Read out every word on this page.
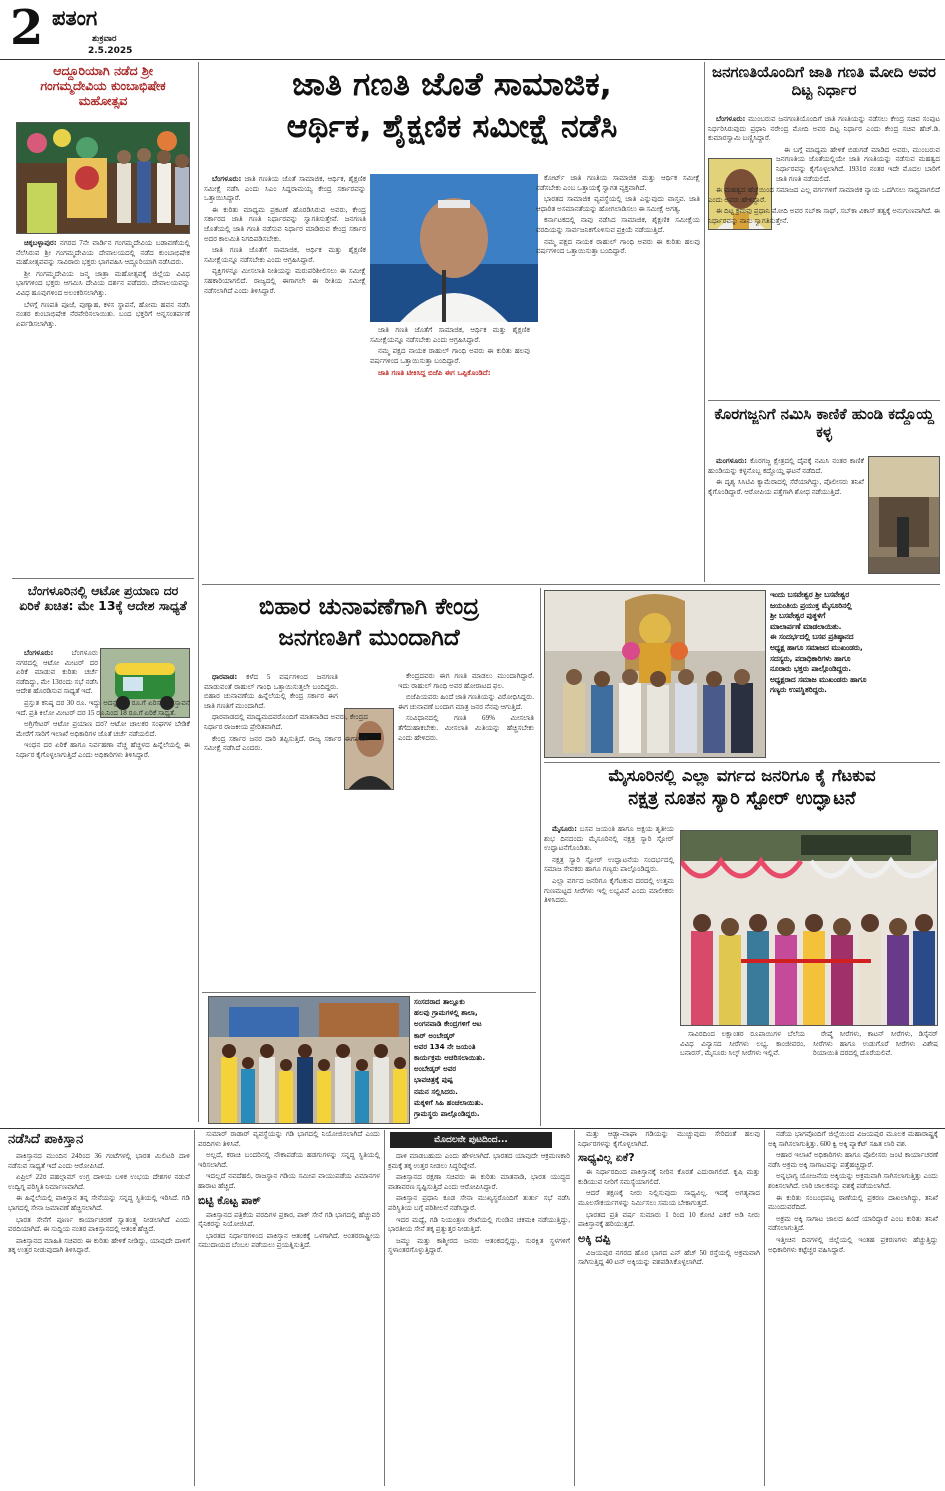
2 ಪತಂಗ
ಶುಕ್ರವಾರ
2.5.2025
ಆದ್ದೂರಿಯಾಗಿ ನಡೆದ ಶ್ರೀ ಗಂಗಮ್ಮದೇವಿಯ ಕುಂಬಾಭಿಷೇಕ ಮಹೋತ್ಸವ

ಚಿಕ್ಕಬಳ್ಳಾಪುರ: ನಗರದ 7ನೇ ವಾರ್ಡಿನ ಗಂಗಮ್ಮದೇವಿಯ ಬಡಾವಣೆಯಲ್ಲಿ ನೆಲೆಸಿರುವ ಶ್ರೀ ಗಂಗಮ್ಮದೇವಿಯ ದೇವಾಲಯದಲ್ಲಿ ನಡೆದ ಕುಂಬಾಭಿಷೇಕ ಮಹೋತ್ಸವವನ್ನು ಸಾವಿರಾರು ಭಕ್ತರು ಭಾಗವಹಿಸಿ ಆದ್ದೂರಿಯಾಗಿ ನಡೆಸಿದರು.

ಶ್ರೀ ಗಂಗಮ್ಮದೇವಿಯ ಜನ್ಮ ಜಾತ್ರಾ ಮಹೋತ್ಸವಕ್ಕೆ ಜಿಲ್ಲೆಯ ವಿವಿಧ ಭಾಗಗಳಿಂದ ಭಕ್ತರು ಆಗಮಿಸಿ ದೇವಿಯ ದರ್ಶನ ಪಡೆದರು. ದೇವಾಲಯವನ್ನು ವಿವಿಧ ಹೂವುಗಳಿಂದ ಅಲಂಕರಿಸಲಾಗಿತ್ತು.

ಬೆಳಗ್ಗೆ ಗಣಪತಿ ಪೂಜೆ, ಪುಣ್ಯಾಹ, ಕಳಸ ಸ್ಥಾಪನೆ, ಹೋಮ ಹವನ ನಡೆಸಿ ನಂತರ ಕುಂಬಾಭಿಷೇಕ ನೆರವೇರಿಸಲಾಯಿತು. ಬಂದ ಭಕ್ತರಿಗೆ ಅನ್ನಸಂತರ್ಪಣೆ ಏರ್ಪಡಿಸಲಾಗಿತ್ತು.

ಬೆಂಗಳೂರಿನಲ್ಲಿ ಆಟೋ ಪ್ರಯಾಣ ದರ ಏರಿಕೆ ಖಚಿತ: ಮೇ 13ಕ್ಕೆ ಆದೇಶ ಸಾಧ್ಯತೆ

ಬೆಂಗಳೂರು:	ಬೆಂಗಳೂರು ನಗರದಲ್ಲಿ ಆಟೋ ಮೀಟರ್ ದರ ಏರಿಕೆ ಮಾಡುವ ಕುರಿತು ಚರ್ಚೆ ನಡೆದಿದ್ದು, ಮೇ 13ರಂದು ಸಭೆ ನಡೆಸಿ ಆದೇಶ ಹೊರಡಿಸುವ ಸಾಧ್ಯತೆ ಇದೆ.

ಪ್ರಸ್ತುತ ಕನಿಷ್ಠ ದರ 30 ರೂ. ಇದ್ದು ಅದನ್ನು 36 ರೂ.ಗೆ ಏರಿಸುವ ಪ್ರಸ್ತಾವನೆ ಇದೆ. ಪ್ರತಿ ಕಿಲೋ ಮೀಟರ್ ದರ 15 ರೂ.ನಿಂದ 18 ರೂ.ಗೆ ಏರಿಕೆ ಸಾಧ್ಯತೆ.

ಅಗ್ರಿಗೇಟರ್ ಆಟೋ ಪ್ರಯಾಣ ದರ? ಆಟೋ ಚಾಲಕರ ಸಂಘಗಳ ಬೇಡಿಕೆ ಮೇರೆಗೆ ಸಾರಿಗೆ ಇಲಾಖೆ ಅಧಿಕಾರಿಗಳ ಜೊತೆ ಚರ್ಚೆ ನಡೆಯಲಿದೆ.

ಇಂಧನ ದರ ಏರಿಕೆ ಹಾಗೂ ನಿರ್ವಹಣಾ ವೆಚ್ಚ ಹೆಚ್ಚಳದ ಹಿನ್ನೆಲೆಯಲ್ಲಿ ಈ ನಿರ್ಧಾರ ಕೈಗೊಳ್ಳಲಾಗುತ್ತಿದೆ ಎಂದು ಅಧಿಕಾರಿಗಳು ತಿಳಿಸಿದ್ದಾರೆ.

ಜಾತಿ ಗಣತಿ ಜೊತೆ ಸಾಮಾಜಿಕ,
ಆರ್ಥಿಕ, ಶೈಕ್ಷಣಿಕ ಸಮೀಕ್ಷೆ ನಡೆಸಿ

ಬೆಂಗಳೂರು: ಜಾತಿ ಗಣತಿಯ ಜೊತೆ ಸಾಮಾಜಿಕ, ಆರ್ಥಿಕ, ಶೈಕ್ಷಣಿಕ ಸಮೀಕ್ಷೆ ನಡೆಸಿ ಎಂದು ಸಿಎಂ ಸಿದ್ದರಾಮಯ್ಯ ಕೇಂದ್ರ ಸರ್ಕಾರವನ್ನು ಒತ್ತಾಯಿಸಿದ್ದಾರೆ.

ಈ ಕುರಿತು ಮಾಧ್ಯಮ ಪ್ರಕಟಣೆ ಹೊರಡಿಸಿರುವ ಅವರು, ಕೇಂದ್ರ ಸರ್ಕಾರದ ಜಾತಿ ಗಣತಿ ನಿರ್ಧಾರವನ್ನು ಸ್ವಾಗತಿಸುತ್ತೇವೆ. ಜನಗಣತಿ ಜೊತೆಯಲ್ಲಿ ಜಾತಿ ಗಣತಿ ನಡೆಸುವ ನಿರ್ಧಾರ ಮಾಡಿರುವ ಕೇಂದ್ರ ಸರ್ಕಾರ ಅದರ ಕಾಲಮಿತಿ ನಿಗದಿಪಡಿಸಬೇಕು.

ಜಾತಿ ಗಣತಿ ಜೊತೆಗೆ ಸಾಮಾಜಿಕ, ಆರ್ಥಿಕ ಮತ್ತು ಶೈಕ್ಷಣಿಕ ಸಮೀಕ್ಷೆಯನ್ನೂ ನಡೆಸಬೇಕು ಎಂದು ಆಗ್ರಹಿಸಿದ್ದಾರೆ.

ವ್ಯಕ್ತಿಗಳನ್ನೂ ಮೀಸಲಾತಿ ನೀತಿಯನ್ನು ಮರುಪರಿಶೀಲಿಸಲು ಈ ಸಮೀಕ್ಷೆ ಸಹಕಾರಿಯಾಗಲಿದೆ. ರಾಜ್ಯದಲ್ಲಿ ಈಗಾಗಲೇ ಈ ರೀತಿಯ ಸಮೀಕ್ಷೆ ನಡೆಸಲಾಗಿದೆ ಎಂದು ತಿಳಿಸಿದ್ದಾರೆ.

ಜಾತಿ ಗಣತಿ ಜೊತೆಗೆ ಸಾಮಾಜಿಕ, ಆರ್ಥಿಕ ಮತ್ತು ಶೈಕ್ಷಣಿಕ ಸಮೀಕ್ಷೆಯನ್ನೂ ನಡೆಸಬೇಕು ಎಂದು ಆಗ್ರಹಿಸಿದ್ದಾರೆ.

ನಮ್ಮ ಪಕ್ಷದ ನಾಯಕ ರಾಹುಲ್ ಗಾಂಧಿ ಅವರು ಈ ಕುರಿತು ಹಲವು ವರ್ಷಗಳಿಂದ ಒತ್ತಾಯಿಸುತ್ತಾ ಬಂದಿದ್ದಾರೆ.

ಜಾತಿ ಗಣತಿ ಟೀಕಿಸಿದ್ದ ಬಿಜೆಪಿ ಈಗ ಒಪ್ಪಿಕೊಂಡಿದೆ:

ಕೋರ್ಟ್ ಜಾತಿ ಗಣತಿಯ ಸಾಮಾಜಿಕ ಮತ್ತು ಆರ್ಥಿಕ ಸಮೀಕ್ಷೆ ನಡೆಸಬೇಕು ಎಂಬ ಒತ್ತಾಯಕ್ಕೆ ಸ್ವಾಗತ ವ್ಯಕ್ತವಾಗಿದೆ.

ಭಾರತದ ಸಾಮಾಜಿಕ ವ್ಯವಸ್ಥೆಯಲ್ಲಿ ಜಾತಿ ಎನ್ನುವುದು ವಾಸ್ತವ. ಜಾತಿ ಆಧಾರಿತ ಅಸಮಾನತೆಯನ್ನು ಹೋಗಲಾಡಿಸಲು ಈ ಸಮೀಕ್ಷೆ ಅಗತ್ಯ.

ಕರ್ನಾಟಕದಲ್ಲಿ ನಾವು ನಡೆಸಿದ ಸಾಮಾಜಿಕ, ಶೈಕ್ಷಣಿಕ ಸಮೀಕ್ಷೆಯ ವರದಿಯನ್ನು ಸಾರ್ವಜನಿಕಗೊಳಿಸುವ ಪ್ರಕ್ರಿಯೆ ನಡೆಯುತ್ತಿದೆ.

ನಮ್ಮ ಪಕ್ಷದ ನಾಯಕ ರಾಹುಲ್ ಗಾಂಧಿ ಅವರು ಈ ಕುರಿತು ಹಲವು ವರ್ಷಗಳಿಂದ ಒತ್ತಾಯಿಸುತ್ತಾ ಬಂದಿದ್ದಾರೆ.

ಜನಗಣತಿಯೊಂದಿಗೆ ಜಾತಿ ಗಣತಿ ಮೋದಿ ಅವರ ದಿಟ್ಟ ನಿರ್ಧಾರ

ಬೆಂಗಳೂರು: ಮುಂಬರುವ ಜನಗಣತಿಯೊಂದಿಗೆ ಜಾತಿ ಗಣತಿಯನ್ನು ನಡೆಸಲು ಕೇಂದ್ರ ಸಚಿವ ಸಂಪುಟ ನಿರ್ಧರಿಸಿರುವುದು ಪ್ರಧಾನಿ ನರೇಂದ್ರ ಮೋದಿ ಅವರ ದಿಟ್ಟ ನಿರ್ಧಾರ ಎಂದು ಕೇಂದ್ರ ಸಚಿವ ಹೆಚ್.ಡಿ. ಕುಮಾರಸ್ವಾಮಿ ಬಣ್ಣಿಸಿದ್ದಾರೆ.

ಈ ಬಗ್ಗೆ ಮಾಧ್ಯಮ ಹೇಳಿಕೆ ಬಿಡುಗಡೆ ಮಾಡಿದ ಅವರು, ಮುಂಬರುವ ಜನಗಣತಿಯ ಜೊತೆಯಲ್ಲಿಯೇ ಜಾತಿ ಗಣತಿಯನ್ನು ನಡೆಸುವ ಮಹತ್ವದ ನಿರ್ಧಾರವನ್ನು ಕೈಗೊಳ್ಳಲಾಗಿದೆ. 1931ರ ನಂತರ ಇದೇ ಮೊದಲ ಬಾರಿಗೆ ಜಾತಿ ಗಣತಿ ನಡೆಯಲಿದೆ.

ಈ ಮಹತ್ವದ ಹೆಜ್ಜೆಯಿಂದ ಸಮಾಜದ ಎಲ್ಲ ವರ್ಗಗಳಿಗೆ ಸಾಮಾಜಿಕ ನ್ಯಾಯ ಒದಗಿಸಲು ಸಾಧ್ಯವಾಗಲಿದೆ ಎಂದು ಅವರು ಹೇಳಿದ್ದಾರೆ.

ಈ ದಿಟ್ಟ ಕ್ರಮವು ಪ್ರಧಾನಿ ಮೋದಿ ಅವರ ಸಬ್‌ಕಾ ಸಾಥ್, ಸಬ್‌ಕಾ ವಿಕಾಸ್ ತತ್ವಕ್ಕೆ ಅನುಗುಣವಾಗಿದೆ. ಈ ನಿರ್ಧಾರವನ್ನು ನಾನು ಸ್ವಾಗತಿಸುತ್ತೇನೆ.

ಕೊರಗಜ್ಜನಿಗೆ ನಮಿಸಿ ಕಾಣಿಕೆ ಹುಂಡಿ ಕದ್ದೊಯ್ದ ಕಳ್ಳ

ಮಂಗಳೂರು: ಕೊರಗಜ್ಜ ಕ್ಷೇತ್ರದಲ್ಲಿ ದೈವಕ್ಕೆ ನಮಿಸಿ ನಂತರ ಕಾಣಿಕೆ ಹುಂಡಿಯನ್ನು ಕಳ್ಳನೊಬ್ಬ ಕದ್ದೊಯ್ದ ಘಟನೆ ನಡೆದಿದೆ.

ಈ ದೃಶ್ಯ ಸಿಸಿಟಿವಿ ಕ್ಯಾಮೆರಾದಲ್ಲಿ ಸೆರೆಯಾಗಿದ್ದು, ಪೊಲೀಸರು ತನಿಖೆ ಕೈಗೊಂಡಿದ್ದಾರೆ. ಆರೋಪಿಯ ಪತ್ತೆಗಾಗಿ ಶೋಧ ನಡೆಯುತ್ತಿದೆ.

ಬಿಹಾರ ಚುನಾವಣೆಗಾಗಿ ಕೇಂದ್ರ
ಜನಗಣತಿಗೆ ಮುಂದಾಗಿದೆ

ಧಾರವಾಡ: ಕಳೆದ 5 ವರ್ಷಗಳಿಂದ ಜನಗಣತಿ ಮಾಡುವಂತೆ ರಾಹುಲ್ ಗಾಂಧಿ ಒತ್ತಾಯಿಸುತ್ತಲೇ ಬಂದಿದ್ದರು. ಬಿಹಾರ ಚುನಾವಣೆಯ ಹಿನ್ನೆಲೆಯಲ್ಲಿ ಕೇಂದ್ರ ಸರ್ಕಾರ ಈಗ ಜಾತಿ ಗಣತಿಗೆ ಮುಂದಾಗಿದೆ.

ಧಾರವಾಡದಲ್ಲಿ ಮಾಧ್ಯಮದವರೊಂದಿಗೆ ಮಾತನಾಡಿದ ಅವರು, ಕೇಂದ್ರದ ನಿರ್ಧಾರ ರಾಜಕೀಯ ಪ್ರೇರಿತವಾಗಿದೆ.

ಕೇಂದ್ರ ಸರ್ಕಾರ ಜನರ ದಾರಿ ತಪ್ಪಿಸುತ್ತಿದೆ. ರಾಜ್ಯ ಸರ್ಕಾರ ಈಗಾಗಲೇ ಸಮೀಕ್ಷೆ ನಡೆಸಿದೆ ಎಂದರು.

ಕೇಂದ್ರದವರು ಈಗ ಗಣತಿ ಮಾಡಲು ಮುಂದಾಗಿದ್ದಾರೆ. ಇದು ರಾಹುಲ್ ಗಾಂಧಿ ಅವರ ಹೋರಾಟದ ಫಲ.

ಬಿಜೆಪಿಯವರು ಹಿಂದೆ ಜಾತಿ ಗಣತಿಯನ್ನು ವಿರೋಧಿಸಿದ್ದರು. ಈಗ ಚುನಾವಣೆ ಬಂದಾಗ ಮಾತ್ರ ಜನರ ನೆನಪು ಆಗುತ್ತಿದೆ.

ಸಂವಿಧಾನದಲ್ಲಿ ಗಣತಿ 69% ಮೀಸಲಾತಿ ತೆಗೆದುಹಾಕಬೇಕು. ಮೀಸಲಾತಿ ಮಿತಿಯನ್ನು ಹೆಚ್ಚಿಸಬೇಕು ಎಂದು ಹೇಳಿದರು.

ಇಂದು ಬಸವೇಶ್ವರ ಶ್ರೀ ಬಸವೇಶ್ವರ
ಜಯಂತಿಯ ಪ್ರಯುಕ್ತ ಮೈಸೂರಿನಲ್ಲಿ
ಶ್ರೀ ಬಸವೇಶ್ವರ ಪುತ್ಥಳಿಗೆ
ಮಾಲಾರ್ಪಣೆ ಮಾಡಲಾಯಿತು.
ಈ ಸಂದರ್ಭದಲ್ಲಿ ಬಸವ ಪ್ರತಿಷ್ಠಾನದ
ಅಧ್ಯಕ್ಷ ಹಾಗೂ ಸಮಾಜದ ಮುಖಂಡರು,
ಸದಸ್ಯರು, ಪದಾಧಿಕಾರಿಗಳು ಹಾಗೂ
ನೂರಾರು ಭಕ್ತರು ಪಾಲ್ಗೊಂಡಿದ್ದರು.
ಅಧ್ಯಕ್ಷರಾದ ಸಮಾಜ ಮುಖಂಡರು ಹಾಗೂ
ಗಣ್ಯರು ಉಪಸ್ಥಿತರಿದ್ದರು.
ಮೈಸೂರಿನಲ್ಲಿ ಎಲ್ಲಾ ವರ್ಗದ ಜನರಿಗೂ ಕೈ ಗೆಟಕುವ
ನಕ್ಷತ್ರ ನೂತನ ಸ್ಯಾರಿ ಸ್ಟೋರ್ ಉದ್ಘಾಟನೆ

ಮೈಸೂರು: ಬಸವ ಜಯಂತಿ ಹಾಗೂ ಅಕ್ಷಯ ತೃತೀಯ ಶುಭ ದಿನದಂದು ಮೈಸೂರಿನಲ್ಲಿ ನಕ್ಷತ್ರ ಸ್ಯಾರಿ ಸ್ಟೋರ್ ಉದ್ಘಾಟನೆಗೊಂಡಿತು.

ನಕ್ಷತ್ರ ಸ್ಯಾರಿ ಸ್ಟೋರ್ ಉದ್ಘಾಟನೆಯ ಸಂದರ್ಭದಲ್ಲಿ ಸಮಾಜ ಸೇವಕರು ಹಾಗೂ ಗಣ್ಯರು ಪಾಲ್ಗೊಂಡಿದ್ದರು.

ಎಲ್ಲಾ ವರ್ಗದ ಜನರಿಗೂ ಕೈಗೆಟಕುವ ದರದಲ್ಲಿ ಉತ್ತಮ ಗುಣಮಟ್ಟದ ಸೀರೆಗಳು ಇಲ್ಲಿ ಲಭ್ಯವಿವೆ ಎಂದು ಮಾಲೀಕರು ತಿಳಿಸಿದರು.

ಸಾವಿರದಿಂದ ಲಕ್ಷಾಂತರ ರೂಪಾಯಿಗಳ ಬೆಲೆಯ ವಿವಿಧ ವಿನ್ಯಾಸದ ಸೀರೆಗಳು ಲಭ್ಯ. ಕಾಂಜೀವರಂ, ಬನಾರಸ್, ಮೈಸೂರು ಸಿಲ್ಕ್ ಸೀರೆಗಳು ಇಲ್ಲಿವೆ.

ರೇಷ್ಮೆ ಸೀರೆಗಳು, ಕಾಟನ್ ಸೀರೆಗಳು, ಡಿಸೈನರ್ ಸೀರೆಗಳು ಹಾಗೂ ಉಡುಗೊರೆ ಸೀರೆಗಳು ವಿಶೇಷ ರಿಯಾಯಿತಿ ದರದಲ್ಲಿ ದೊರೆಯಲಿವೆ.

ಸಂಸದರಾದ ತಾಲ್ಲೂಕು
ಹಲವು ಗ್ರಾಮಗಳಲ್ಲಿ ಶಾಲಾ,
ಅಂಗನವಾಡಿ ಕೇಂದ್ರಗಳಿಗೆ ಆಟ
ಕಾರ್ ಅಂಬೇಡ್ಕರ್
ಅವರ 134 ನೇ ಜಯಂತಿ
ಕಾರ್ಯಕ್ರಮ ಆಚರಿಸಲಾಯಿತು.
ಅಂಬೇಡ್ಕರ್ ಅವರ
ಭಾವಚಿತ್ರಕ್ಕೆ ಪುಷ್ಪ
ನಮನ ಸಲ್ಲಿಸಿದರು.
ಮಕ್ಕಳಿಗೆ ಸಿಹಿ ಹಂಚಲಾಯಿತು.
ಗ್ರಾಮಸ್ಥರು ಪಾಲ್ಗೊಂಡಿದ್ದರು.
ನಡೆಸಿದೆ ಪಾಕಿಸ್ತಾನ	ಮೊದಲನೇ ಪುಟದಿಂದ...

ಪಾಕಿಸ್ತಾನದ ಮುಂದಿನ 24ರಿಂದ 36 ಗಂಟೆಗಳಲ್ಲಿ ಭಾರತ ಮಿಲಿಟರಿ ದಾಳಿ ನಡೆಸುವ ಸಾಧ್ಯತೆ ಇದೆ ಎಂದು ಆರೋಪಿಸಿದೆ.

ಏಪ್ರಿಲ್ 22ರ ಪಹಲ್ಗಾಮ್ ಉಗ್ರ ದಾಳಿಯ ಬಳಿಕ ಉಭಯ ದೇಶಗಳ ನಡುವೆ ಉದ್ವಿಗ್ನ ಪರಿಸ್ಥಿತಿ ನಿರ್ಮಾಣವಾಗಿದೆ.

ಈ ಹಿನ್ನೆಲೆಯಲ್ಲಿ ಪಾಕಿಸ್ತಾನ ತನ್ನ ಸೇನೆಯನ್ನು ಸನ್ನದ್ಧ ಸ್ಥಿತಿಯಲ್ಲಿ ಇರಿಸಿದೆ. ಗಡಿ ಭಾಗದಲ್ಲಿ ಸೇನಾ ಜಮಾವಣೆ ಹೆಚ್ಚಿಸಲಾಗಿದೆ.

ಭಾರತ ಸೇನೆಗೆ ಪೂರ್ಣ ಕಾರ್ಯಾಚರಣೆ ಸ್ವಾತಂತ್ರ್ಯ ನೀಡಲಾಗಿದೆ ಎಂದು ವರದಿಯಾಗಿದೆ. ಈ ಸುದ್ದಿಯ ನಂತರ ಪಾಕಿಸ್ತಾನದಲ್ಲಿ ಆತಂಕ ಹೆಚ್ಚಿದೆ.

ಪಾಕಿಸ್ತಾನದ ಮಾಹಿತಿ ಸಚಿವರು ಈ ಕುರಿತು ಹೇಳಿಕೆ ನೀಡಿದ್ದು, ಯಾವುದೇ ದಾಳಿಗೆ ತಕ್ಕ ಉತ್ತರ ನೀಡುವುದಾಗಿ ತಿಳಿಸಿದ್ದಾರೆ.

ಸುಮಾರ್ ರಾಡಾರ್ ವ್ಯವಸ್ಥೆಯನ್ನು ಗಡಿ ಭಾಗದಲ್ಲಿ ನಿಯೋಜಿಸಲಾಗಿದೆ ಎಂದು ವರದಿಗಳು ತಿಳಿಸಿವೆ.

ಅಲ್ಲದೆ, ಕರಾಚಿ ಬಂದರಿನಲ್ಲಿ ನೌಕಾಪಡೆಯ ಹಡಗುಗಳನ್ನು ಸನ್ನದ್ಧ ಸ್ಥಿತಿಯಲ್ಲಿ ಇರಿಸಲಾಗಿದೆ.

ಇದಲ್ಲದೆ ನವದೆಹಲಿ, ರಾಜಸ್ಥಾನ ಗಡಿಯ ಸಮೀಪ ವಾಯುಪಡೆಯ ವಿಮಾನಗಳ ಹಾರಾಟ ಹೆಚ್ಚಿದೆ.

ಬಿಟ್ಟಿ ಕೊಟ್ಟ ಪಾಕ್

ಪಾಕಿಸ್ತಾನದ ಪತ್ರಿಕೆಯ ವರದಿಗಳ ಪ್ರಕಾರ, ಪಾಕ್ ಸೇನೆ ಗಡಿ ಭಾಗದಲ್ಲಿ ಹೆಚ್ಚುವರಿ ಸೈನಿಕರನ್ನು ನಿಯೋಜಿಸಿದೆ.

ಭಾರತದ ನಿರ್ಧಾರಗಳಿಂದ ಪಾಕಿಸ್ತಾನ ಆತಂಕಕ್ಕೆ ಒಳಗಾಗಿದೆ. ಅಂತರರಾಷ್ಟ್ರೀಯ ಸಮುದಾಯದ ಬೆಂಬಲ ಪಡೆಯಲು ಪ್ರಯತ್ನಿಸುತ್ತಿದೆ.

ದಾಳಿ ಮಾಡಬಹುದು ಎಂದು ಹೇಳಲಾಗಿದೆ. ಭಾರತದ ಯಾವುದೇ ಆಕ್ರಮಣಕಾರಿ ಕ್ರಮಕ್ಕೆ ತಕ್ಕ ಉತ್ತರ ನೀಡಲು ಸಿದ್ಧರಿದ್ದೇವೆ.

ಪಾಕಿಸ್ತಾನದ ರಕ್ಷಣಾ ಸಚಿವರು ಈ ಕುರಿತು ಮಾತನಾಡಿ, ಭಾರತ ಯುದ್ಧದ ವಾತಾವರಣ ಸೃಷ್ಟಿಸುತ್ತಿದೆ ಎಂದು ಆರೋಪಿಸಿದ್ದಾರೆ.

ಪಾಕಿಸ್ತಾನ ಪ್ರಧಾನಿ ಕೂಡ ಸೇನಾ ಮುಖ್ಯಸ್ಥರೊಂದಿಗೆ ತುರ್ತು ಸಭೆ ನಡೆಸಿ ಪರಿಸ್ಥಿತಿಯ ಬಗ್ಗೆ ಪರಿಶೀಲನೆ ನಡೆಸಿದ್ದಾರೆ.

ಇದರ ಮಧ್ಯೆ, ಗಡಿ ನಿಯಂತ್ರಣ ರೇಖೆಯಲ್ಲಿ ಗುಂಡಿನ ಚಕಮಕಿ ನಡೆಯುತ್ತಿದ್ದು, ಭಾರತೀಯ ಸೇನೆ ತಕ್ಕ ಪ್ರತ್ಯುತ್ತರ ನೀಡುತ್ತಿದೆ.

ಜಮ್ಮು ಮತ್ತು ಕಾಶ್ಮೀರದ ಜನರು ಆತಂಕದಲ್ಲಿದ್ದು, ಸುರಕ್ಷಿತ ಸ್ಥಳಗಳಿಗೆ ಸ್ಥಳಾಂತರಗೊಳ್ಳುತ್ತಿದ್ದಾರೆ.

ಮತ್ತು ಆಡ್ಟಾ-ವಾಘಾ ಗಡಿಯನ್ನು ಮುಚ್ಚುವುದು ಸೇರಿದಂತೆ ಹಲವು ನಿರ್ಧಾರಗಳನ್ನು ಕೈಗೊಳ್ಳಲಾಗಿದೆ.

ಸಾಧ್ಯವಿಲ್ಲ ಏಕೆ?

ಈ ನಿರ್ಧಾರದಿಂದ ಪಾಕಿಸ್ತಾನಕ್ಕೆ ನೀರಿನ ಕೊರತೆ ಎದುರಾಗಲಿದೆ. ಕೃಷಿ ಮತ್ತು ಕುಡಿಯುವ ನೀರಿಗೆ ಸಮಸ್ಯೆಯಾಗಲಿದೆ.

ಆದರೆ ತಕ್ಷಣಕ್ಕೆ ನೀರು ನಿಲ್ಲಿಸುವುದು ಸಾಧ್ಯವಿಲ್ಲ. ಇದಕ್ಕೆ ಅಗತ್ಯವಾದ ಮೂಲಸೌಕರ್ಯಗಳನ್ನು ನಿರ್ಮಿಸಲು ಸಮಯ ಬೇಕಾಗುತ್ತದೆ.

ಭಾರತದ ಪ್ರತಿ ವರ್ಷ ಸುಮಾರು 1 ರಿಂದ 10 ಕೋಟಿ ಎಕರೆ ಅಡಿ ನೀರು ಪಾಕಿಸ್ತಾನಕ್ಕೆ ಹರಿಯುತ್ತದೆ.

ಅಕ್ಕಿ ದಪ್ಪಿ

ವಿಜಯಪುರ ನಗರದ ಹೊರ ಭಾಗದ ಎನ್ ಹೆಚ್ 50 ರಸ್ತೆಯಲ್ಲಿ ಅಕ್ರಮವಾಗಿ ಸಾಗಿಸುತ್ತಿದ್ದ 40 ಟನ್ ಅಕ್ಕಿಯನ್ನು ವಶಪಡಿಸಿಕೊಳ್ಳಲಾಗಿದೆ.

ನಡೆಯ ಭಾಗವೊಂದಿಗೆ ಜಿಲ್ಲೆಯಿಂದ ವಿಜಯಪುರ ಮೂಲಕ ಮಹಾರಾಷ್ಟ್ರಕ್ಕೆ ಅಕ್ಕಿ ಸಾಗಿಸಲಾಗುತ್ತಿತ್ತು. 600 ಕ್ವಿ ಅಕ್ಕಿ ಪ್ಯಾಕೆಟ್ ಸಹಿತ ಲಾರಿ ವಶ.

ಆಹಾರ ಇಲಾಖೆ ಅಧಿಕಾರಿಗಳು ಹಾಗೂ ಪೊಲೀಸರು ಜಂಟಿ ಕಾರ್ಯಾಚರಣೆ ನಡೆಸಿ ಅಕ್ರಮ ಅಕ್ಕಿ ಸಾಗಾಟವನ್ನು ಪತ್ತೆಹಚ್ಚಿದ್ದಾರೆ.

ಅನ್ನಭಾಗ್ಯ ಯೋಜನೆಯ ಅಕ್ಕಿಯನ್ನು ಅಕ್ರಮವಾಗಿ ಸಾಗಿಸಲಾಗುತ್ತಿತ್ತು ಎಂದು ಶಂಕಿಸಲಾಗಿದೆ. ಲಾರಿ ಚಾಲಕನನ್ನು ವಶಕ್ಕೆ ಪಡೆಯಲಾಗಿದೆ.

ಈ ಕುರಿತು ಸಂಬಂಧಪಟ್ಟ ಠಾಣೆಯಲ್ಲಿ ಪ್ರಕರಣ ದಾಖಲಾಗಿದ್ದು, ತನಿಖೆ ಮುಂದುವರೆದಿದೆ.

ಅಕ್ರಮ ಅಕ್ಕಿ ಸಾಗಾಟ ಜಾಲದ ಹಿಂದೆ ಯಾರಿದ್ದಾರೆ ಎಂಬ ಕುರಿತು ತನಿಖೆ ನಡೆಸಲಾಗುತ್ತಿದೆ.

ಇತ್ತೀಚಿನ ದಿನಗಳಲ್ಲಿ ಜಿಲ್ಲೆಯಲ್ಲಿ ಇಂತಹ ಪ್ರಕರಣಗಳು ಹೆಚ್ಚುತ್ತಿದ್ದು ಅಧಿಕಾರಿಗಳು ಕಟ್ಟೆಚ್ಚರ ವಹಿಸಿದ್ದಾರೆ.
